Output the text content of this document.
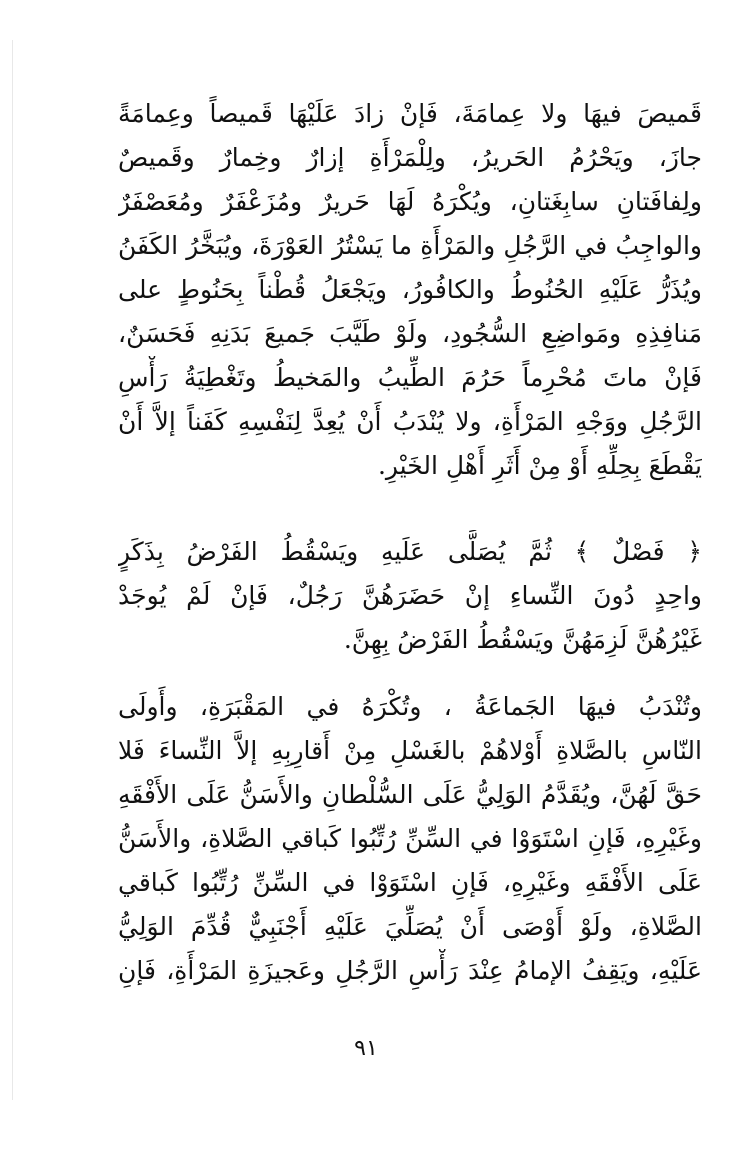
قَميصَ فيهَا ولا عِمامَةَ، فَإنْ زادَ عَلَيْهَا قَميصاً وعِمامَةً
جازَ، ويَحْرُمُ الحَريرُ، ولِلْمَرْأَةِ إزارٌ وخِمارٌ وقَميصٌ
ولِفافَتانِ سابِغَتانِ، ويُكْرَهُ لَهَا حَريرٌ ومُزَعْفَرٌ ومُعَصْفَرٌ
والواجِبُ في الرَّجُلِ والمَرْأَةِ ما يَسْتُرُ العَوْرَةَ، ويُبَخَّرُ الكَفَنُ
ويُذَرُّ عَلَيْهِ الحُنُوطُ والكافُورُ، ويَجْعَلُ قُطْناً بِحَنُوطٍ على
مَنافِذِهِ ومَواضِعِ السُّجُودِ، ولَوْ طَيَّبَ جَميعَ بَدَنِهِ فَحَسَنٌ،
فَإنْ ماتَ مُحْرِماً حَرُمَ الطِّيبُ والمَخيطُ وتَغْطِيَةُ رَأْسِ
الرَّجُلِ ووَجْهِ المَرْأَةِ، ولا يُنْدَبُ أَنْ يُعِدَّ لِنَفْسِهِ كَفَناً إلاَّ أَنْ
يَقْطَعَ بِحِلِّهِ أَوْ مِنْ أَثَرِ أَهْلِ الخَيْرِ.
﴿ فَصْلٌ ﴾ ثُمَّ يُصَلَّى عَلَيهِ ويَسْقُطُ الفَرْضُ بِذَكَرٍ
واحِدٍ دُونَ النِّساءِ إنْ حَضَرَهُنَّ رَجُلٌ، فَإنْ لَمْ يُوجَدْ
غَيْرُهُنَّ لَزِمَهُنَّ ويَسْقُطُ الفَرْضُ بِهِنَّ.
وتُنْدَبُ فيهَا الجَماعَةُ ، وتُكْرَهُ في المَقْبَرَةِ، وأَولَى
النّاسِ بالصَّلاةِ أَوْلاهُمْ بالغَسْلِ مِنْ أَقارِبِهِ إلاَّ النِّساءَ فَلا
حَقَّ لَهُنَّ، ويُقَدَّمُ الوَلِيُّ عَلَى السُّلْطانِ والأَسَنُّ عَلَى الأَفْقَهِ
وغَيْرِهِ، فَإنِ اسْتَوَوْا في السِّنِّ رُتِّبُوا كَباقي الصَّلاةِ، والأَسَنُّ
عَلَى الأَفْقَهِ وغَيْرِهِ، فَإنِ اسْتَوَوْا في السِّنِّ رُتِّبُوا كَباقي
الصَّلاةِ، ولَوْ أَوْصَى أَنْ يُصَلِّيَ عَلَيْهِ أَجْنَبِيٌّ قُدِّمَ الوَلِيُّ
عَلَيْهِ، ويَقِفُ الإمامُ عِنْدَ رَأْسِ الرَّجُلِ وعَجيزَةِ المَرْأَةِ، فَإنِ
٩١
